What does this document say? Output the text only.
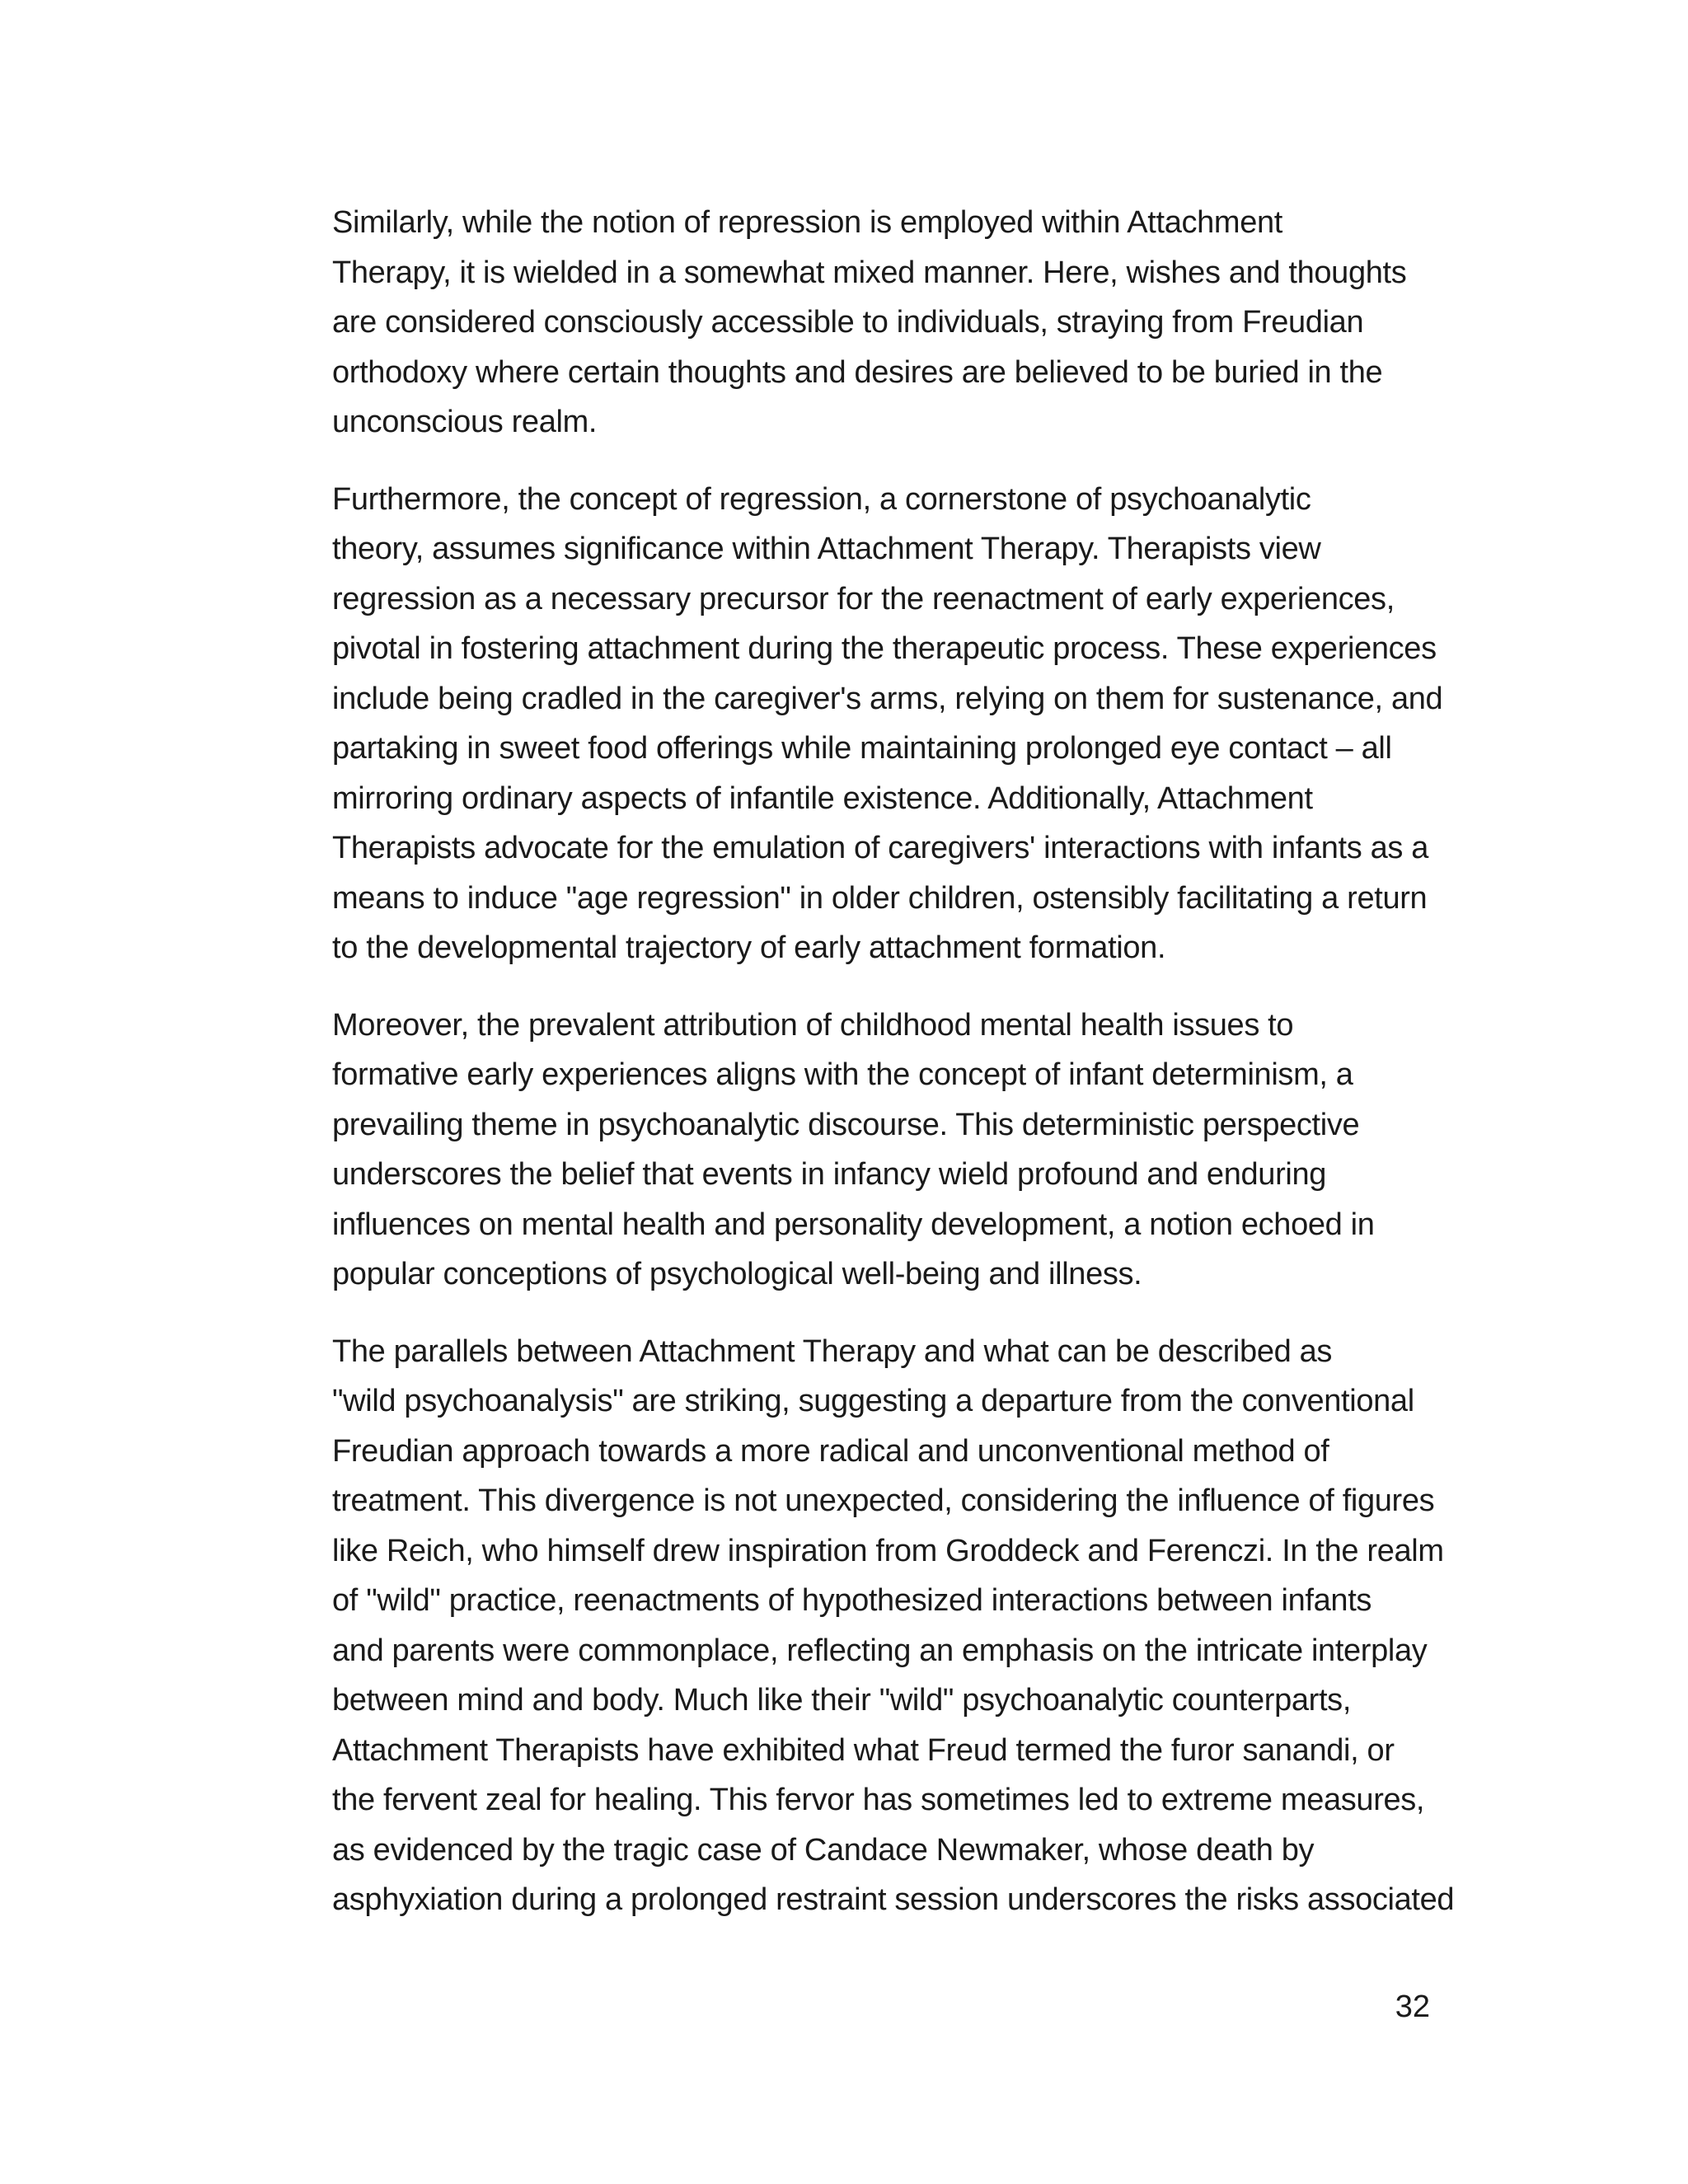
Similarly, while the notion of repression is employed within Attachment
Therapy, it is wielded in a somewhat mixed manner. Here, wishes and thoughts
are considered consciously accessible to individuals, straying from Freudian
orthodoxy where certain thoughts and desires are believed to be buried in the
unconscious realm.

Furthermore, the concept of regression, a cornerstone of psychoanalytic
theory, assumes significance within Attachment Therapy. Therapists view
regression as a necessary precursor for the reenactment of early experiences,
pivotal in fostering attachment during the therapeutic process. These experiences
include being cradled in the caregiver's arms, relying on them for sustenance, and
partaking in sweet food offerings while maintaining prolonged eye contact – all
mirroring ordinary aspects of infantile existence. Additionally, Attachment
Therapists advocate for the emulation of caregivers' interactions with infants as a
means to induce "age regression" in older children, ostensibly facilitating a return
to the developmental trajectory of early attachment formation.

Moreover, the prevalent attribution of childhood mental health issues to
formative early experiences aligns with the concept of infant determinism, a
prevailing theme in psychoanalytic discourse. This deterministic perspective
underscores the belief that events in infancy wield profound and enduring
influences on mental health and personality development, a notion echoed in
popular conceptions of psychological well-being and illness.

The parallels between Attachment Therapy and what can be described as
"wild psychoanalysis" are striking, suggesting a departure from the conventional
Freudian approach towards a more radical and unconventional method of
treatment. This divergence is not unexpected, considering the influence of figures
like Reich, who himself drew inspiration from Groddeck and Ferenczi. In the realm
of "wild" practice, reenactments of hypothesized interactions between infants
and parents were commonplace, reflecting an emphasis on the intricate interplay
between mind and body. Much like their "wild" psychoanalytic counterparts,
Attachment Therapists have exhibited what Freud termed the furor sanandi, or
the fervent zeal for healing. This fervor has sometimes led to extreme measures,
as evidenced by the tragic case of Candace Newmaker, whose death by
asphyxiation during a prolonged restraint session underscores the risks associated

32
